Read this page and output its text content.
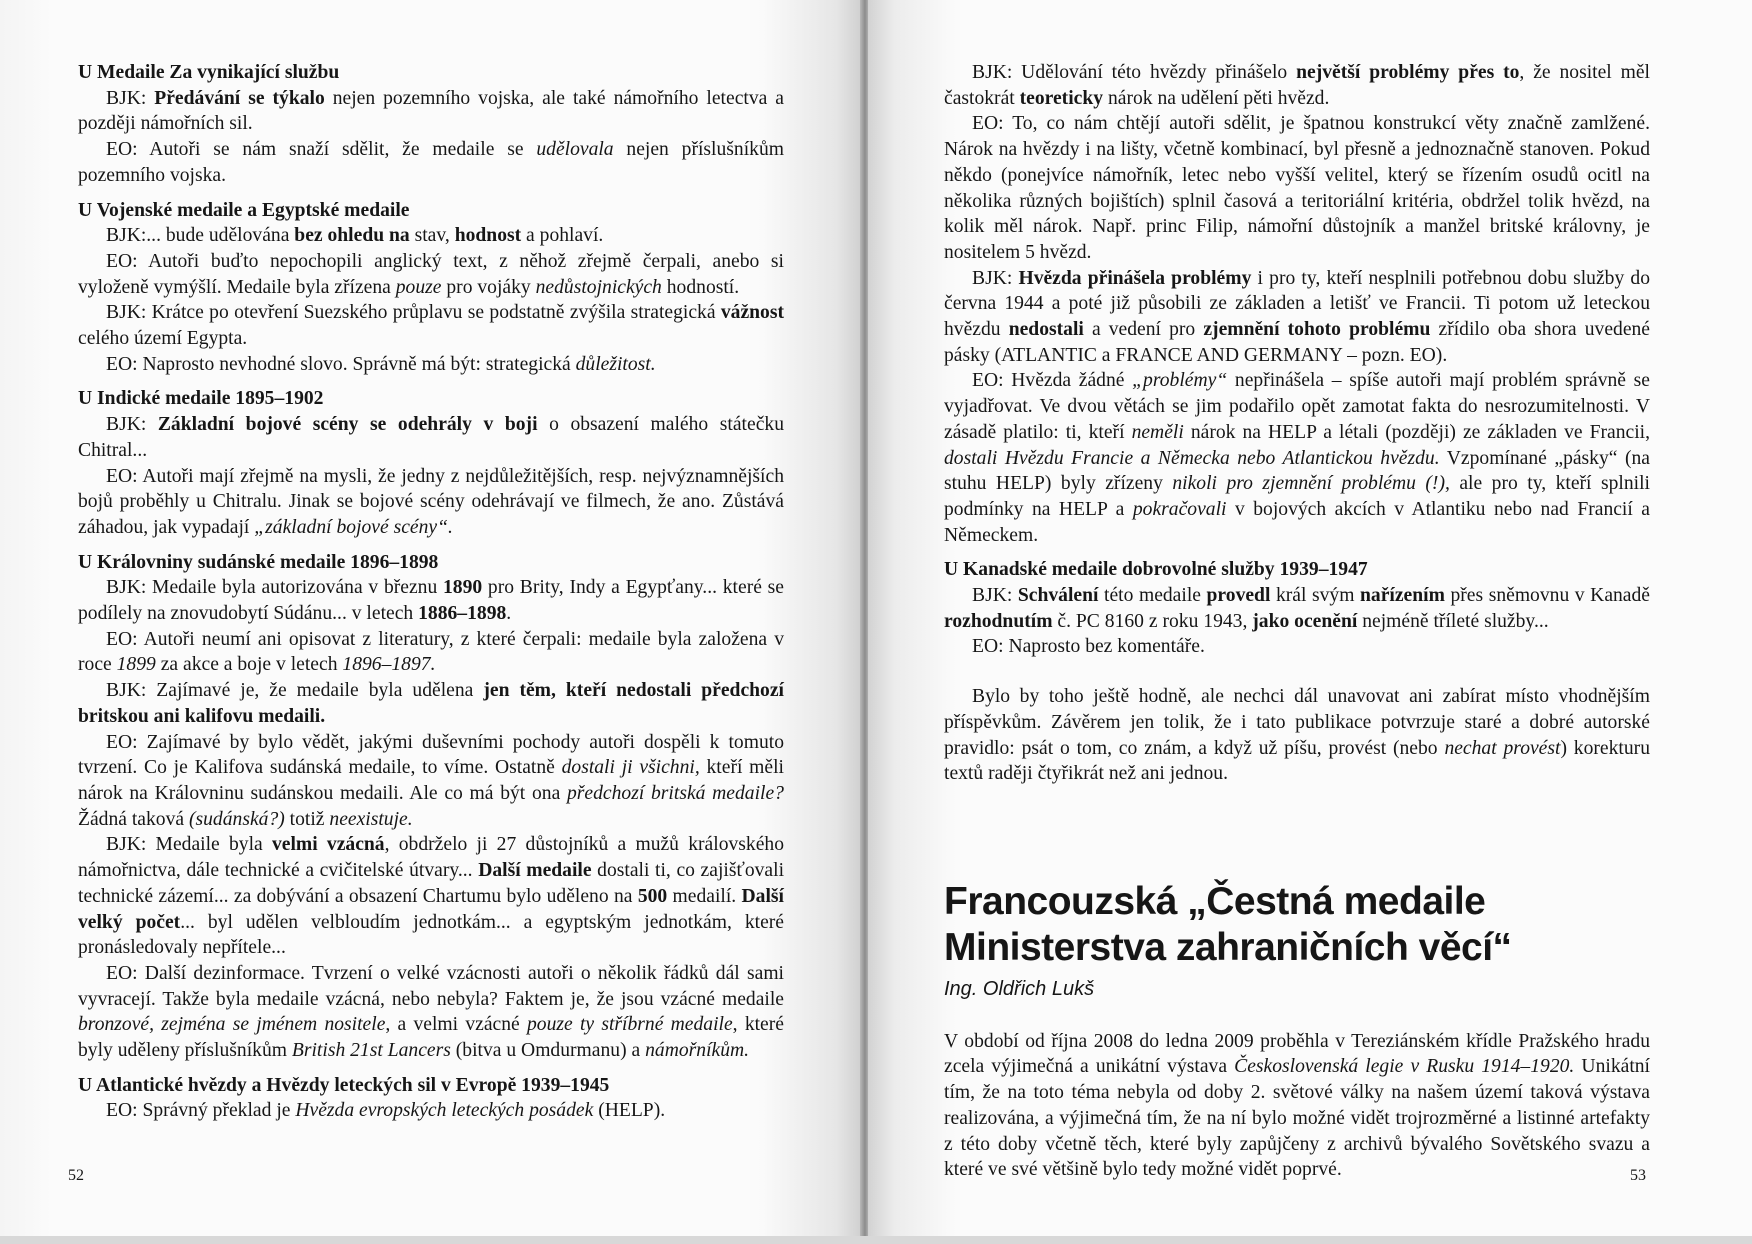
U Medaile Za vynikající službu

BJK: Předávání se týkalo nejen pozemního vojska, ale také námořního letectva a později námořních sil.

EO: Autoři se nám snaží sdělit, že medaile se udělovala nejen příslušníkům pozemního vojska.

U Vojenské medaile a Egyptské medaile

BJK:... bude udělována bez ohledu na stav, hodnost a pohlaví.

EO: Autoři buďto nepochopili anglický text, z něhož zřejmě čerpali, anebo si vyloženě vymýšlí. Medaile byla zřízena pouze pro vojáky nedůstojnických hodností.

BJK: Krátce po otevření Suezského průplavu se podstatně zvýšila strategická vážnost celého území Egypta.

EO: Naprosto nevhodné slovo. Správně má být: strategická důležitost.

U Indické medaile 1895–1902

BJK: Základní bojové scény se odehrály v boji o obsazení malého státečku Chitral...

EO: Autoři mají zřejmě na mysli, že jedny z nejdůležitějších, resp. nejvýznamnějších bojů proběhly u Chitralu. Jinak se bojové scény odehrávají ve filmech, že ano. Zůstává záhadou, jak vypadají „základní bojové scény“.

U Královniny sudánské medaile 1896–1898

BJK: Medaile byla autorizována v březnu 1890 pro Brity, Indy a Egypťany... které se podílely na znovudobytí Súdánu... v letech 1886–1898.

EO: Autoři neumí ani opisovat z literatury, z které čerpali: medaile byla založena v roce 1899 za akce a boje v letech 1896–1897.

BJK: Zajímavé je, že medaile byla udělena jen těm, kteří nedostali předchozí britskou ani kalifovu medaili.

EO: Zajímavé by bylo vědět, jakými duševními pochody autoři dospěli k tomuto tvrzení. Co je Kalifova sudánská medaile, to víme. Ostatně dostali ji všichni, kteří měli nárok na Královninu sudánskou medaili. Ale co má být ona předchozí britská medaile? Žádná taková (sudánská?) totiž neexistuje.

BJK: Medaile byla velmi vzácná, obdrželo ji 27 důstojníků a mužů královského námořnictva, dále technické a cvičitelské útvary... Další medaile dostali ti, co zajišťovali technické zázemí... za dobývání a obsazení Chartumu bylo uděleno na 500 medailí. Další velký počet... byl udělen velbloudím jednotkám... a egyptským jednotkám, které pronásledovaly nepřítele...

EO: Další dezinformace. Tvrzení o velké vzácnosti autoři o několik řádků dál sami vyvracejí. Takže byla medaile vzácná, nebo nebyla? Faktem je, že jsou vzácné medaile bronzové, zejména se jménem nositele, a velmi vzácné pouze ty stříbrné medaile, které byly uděleny příslušníkům British 21st Lancers (bitva u Omdurmanu) a námořníkům.

U Atlantické hvězdy a Hvězdy leteckých sil v Evropě 1939–1945

EO: Správný překlad je Hvězda evropských leteckých posádek (HELP).

52

BJK: Udělování této hvězdy přinášelo největší problémy přes to, že nositel měl častokrát teoreticky nárok na udělení pěti hvězd.

EO: To, co nám chtějí autoři sdělit, je špatnou konstrukcí věty značně zamlžené. Nárok na hvězdy i na lišty, včetně kombinací, byl přesně a jednoznačně stanoven. Pokud někdo (ponejvíce námořník, letec nebo vyšší velitel, který se řízením osudů ocitl na několika různých bojištích) splnil časová a teritoriální kritéria, obdržel tolik hvězd, na kolik měl nárok. Např. princ Filip, námořní důstojník a manžel britské královny, je nositelem 5 hvězd.

BJK: Hvězda přinášela problémy i pro ty, kteří nesplnili potřebnou dobu služby do června 1944 a poté již působili ze základen a letišť ve Francii. Ti potom už leteckou hvězdu nedostali a vedení pro zjemnění tohoto problému zřídilo oba shora uvedené pásky (ATLANTIC a FRANCE AND GERMANY – pozn. EO).

EO: Hvězda žádné „problémy“ nepřinášela – spíše autoři mají problém správně se vyjadřovat. Ve dvou větách se jim podařilo opět zamotat fakta do nesrozumitelnosti. V zásadě platilo: ti, kteří neměli nárok na HELP a létali (později) ze základen ve Francii, dostali Hvězdu Francie a Německa nebo Atlantickou hvězdu. Vzpomínané „pásky“ (na stuhu HELP) byly zřízeny nikoli pro zjemnění problému (!), ale pro ty, kteří splnili podmínky na HELP a pokračovali v bojových akcích v Atlantiku nebo nad Francií a Německem.

U Kanadské medaile dobrovolné služby 1939–1947

BJK: Schválení této medaile provedl král svým nařízením přes sněmovnu v Kanadě rozhodnutím č. PC 8160 z roku 1943, jako ocenění nejméně tříleté služby...

EO: Naprosto bez komentáře.

Bylo by toho ještě hodně, ale nechci dál unavovat ani zabírat místo vhodnějším příspěvkům. Závěrem jen tolik, že i tato publikace potvrzuje staré a dobré autorské pravidlo: psát o tom, co znám, a když už píšu, provést (nebo nechat provést) korekturu textů raději čtyřikrát než ani jednou.

Francouzská „Čestná medaile
Ministerstva zahraničních věcí“
Ing. Oldřich Lukš

V období od října 2008 do ledna 2009 proběhla v Tereziánském křídle Pražského hradu zcela výjimečná a unikátní výstava Československá legie v Rusku 1914–1920. Unikátní tím, že na toto téma nebyla od doby 2. světové války na našem území taková výstava realizována, a výjimečná tím, že na ní bylo možné vidět trojrozměrné a listinné artefakty z této doby včetně těch, které byly zapůjčeny z archivů bývalého Sovětského svazu a které ve své většině bylo tedy možné vidět poprvé.	53
